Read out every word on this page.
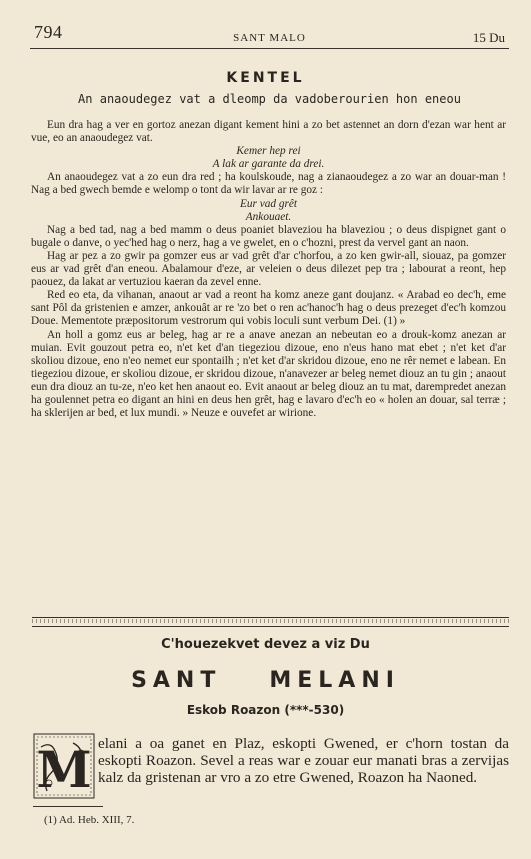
794	SANT MALO	15 Du
KENTEL
An anaoudegez vat a dleomp da vadoberourien hon eneou

Eun dra hag a ver en gortoz anezan digant kement hini a zo bet astennet an dorn d'ezan war hent ar vue, eo an anaoudegez vat.

Kemer hep rei

A lak ar garante da drei.

An anaoudegez vat a zo eun dra red ; ha koulskoude, nag a zianaoudegez a zo war an douar-man ! Nag a bed gwech bemde e welomp o tont da wir lavar ar re goz :

Eur vad grêt

Ankouaet.

Nag a bed tad, nag a bed mamm o deus poaniet blaveziou ha blaveziou ; o deus dispignet gant o bugale o danve, o yec'hed hag o nerz, hag a ve gwelet, en o c'hozni, prest da vervel gant an naon.

Hag ar pez a zo gwir pa gomzer eus ar vad grêt d'ar c'horfou, a zo ken gwir-all, siouaz, pa gomzer eus ar vad grêt d'an eneou. Abalamour d'eze, ar veleien o deus dilezet pep tra ; labourat a reont, hep paouez, da lakat ar vertuziou kaeran da zevel enne.

Red eo eta, da vihanan, anaout ar vad a reont ha komz aneze gant doujanz. « Arabad eo dec'h, eme sant Pôl da gristenien e amzer, ankouât ar re 'zo bet o ren ac'hanoc'h hag o deus prezeget d'ec'h komzou Doue. Mementote præpositorum vestrorum qui vobis loculi sunt verbum Dei. (1) »

An holl a gomz eus ar beleg, hag ar re a anave anezan an nebeutan eo a drouk-komz anezan ar muian. Evit gouzout petra eo, n'et ket d'an tiegeziou dizoue, eno n'eus hano mat ebet ; n'et ket d'ar skoliou dizoue, eno n'eo nemet eur spontailh ; n'et ket d'ar skridou dizoue, eno ne rêr nemet e labean. En tiegeziou dizoue, er skoliou dizoue, er skridou dizoue, n'anavezer ar beleg nemet diouz an tu gin ; anaout eun dra diouz an tu-ze, n'eo ket hen anaout eo. Evit anaout ar beleg diouz an tu mat, darempredet anezan ha goulennet petra eo digant an hini en deus hen grêt, hag e lavaro d'ec'h eo « holen an douar, sal terræ ; ha sklerijen ar bed, et lux mundi. » Neuze e ouvefet ar wirione.

C'houezekvet devez a viz Du
SANT MELANI
Eskob Roazon (***-530)
M elani a oa ganet en Plaz, eskopti Gwened, er c'horn tostan da eskopti Roazon. Sevel a reas war e zouar eur manati bras a zervijas kalz da gristenan ar vro a zo etre Gwened, Roazon ha Naoned.

(1) Ad. Heb. XIII, 7.
